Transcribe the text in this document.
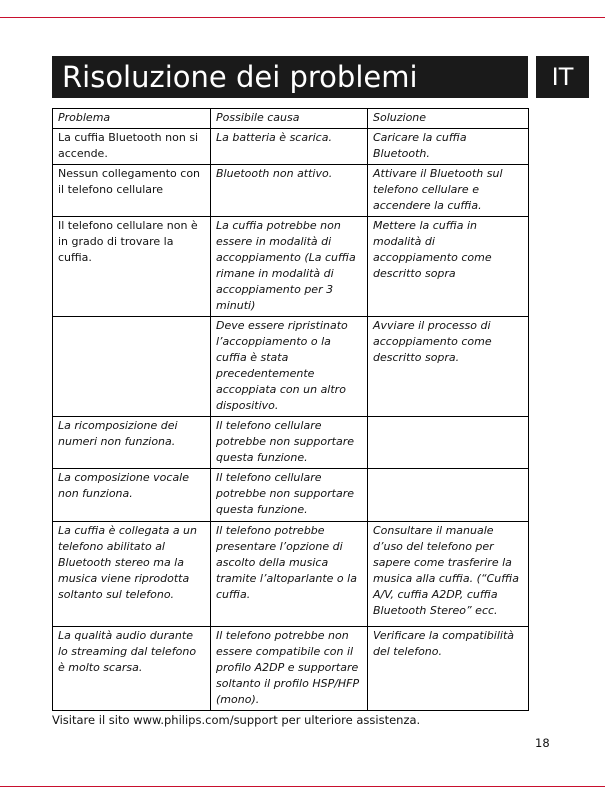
Risoluzione dei problemi	IT
Problema	Possibile causa	Soluzione
La cuffia Bluetooth non si accende.	La batteria è scarica.	Caricare la cuffia Bluetooth.
Nessun collegamento con il telefono cellulare	Bluetooth non attivo.	Attivare il Bluetooth sul telefono cellulare e accendere la cuffia.
Il telefono cellulare non è in grado di trovare la cuffia.	La cuffia potrebbe non essere in modalità di accoppiamento (La cuffia rimane in modalità di accoppiamento per 3 minuti)	Mettere la cuffia in modalità di accoppiamento come descritto sopra
	Deve essere ripristinato l’accoppiamento o la cuffia è stata precedentemente accoppiata con un altro dispositivo.	Avviare il processo di accoppiamento come descritto sopra.
La ricomposizione dei numeri non funziona.	Il telefono cellulare potrebbe non supportare questa funzione.	
La composizione vocale non funziona.	Il telefono cellulare potrebbe non supportare questa funzione.	
La cuffia è collegata a un telefono abilitato al Bluetooth stereo ma la musica viene riprodotta soltanto sul telefono.	Il telefono potrebbe presentare l’opzione di ascolto della musica tramite l’altoparlante o la cuffia.	Consultare il manuale d’uso del telefono per sapere come trasferire la musica alla cuffia. (“Cuffia A/V, cuffia A2DP, cuffia Bluetooth Stereo” ecc.
La qualità audio durante lo streaming dal telefono è molto scarsa.	Il telefono potrebbe non essere compatibile con il profilo A2DP e supportare soltanto il profilo HSP/HFP (mono).	Verificare la compatibilità del telefono.
Visitare il sito www.philips.com/support per ulteriore assistenza.
18
